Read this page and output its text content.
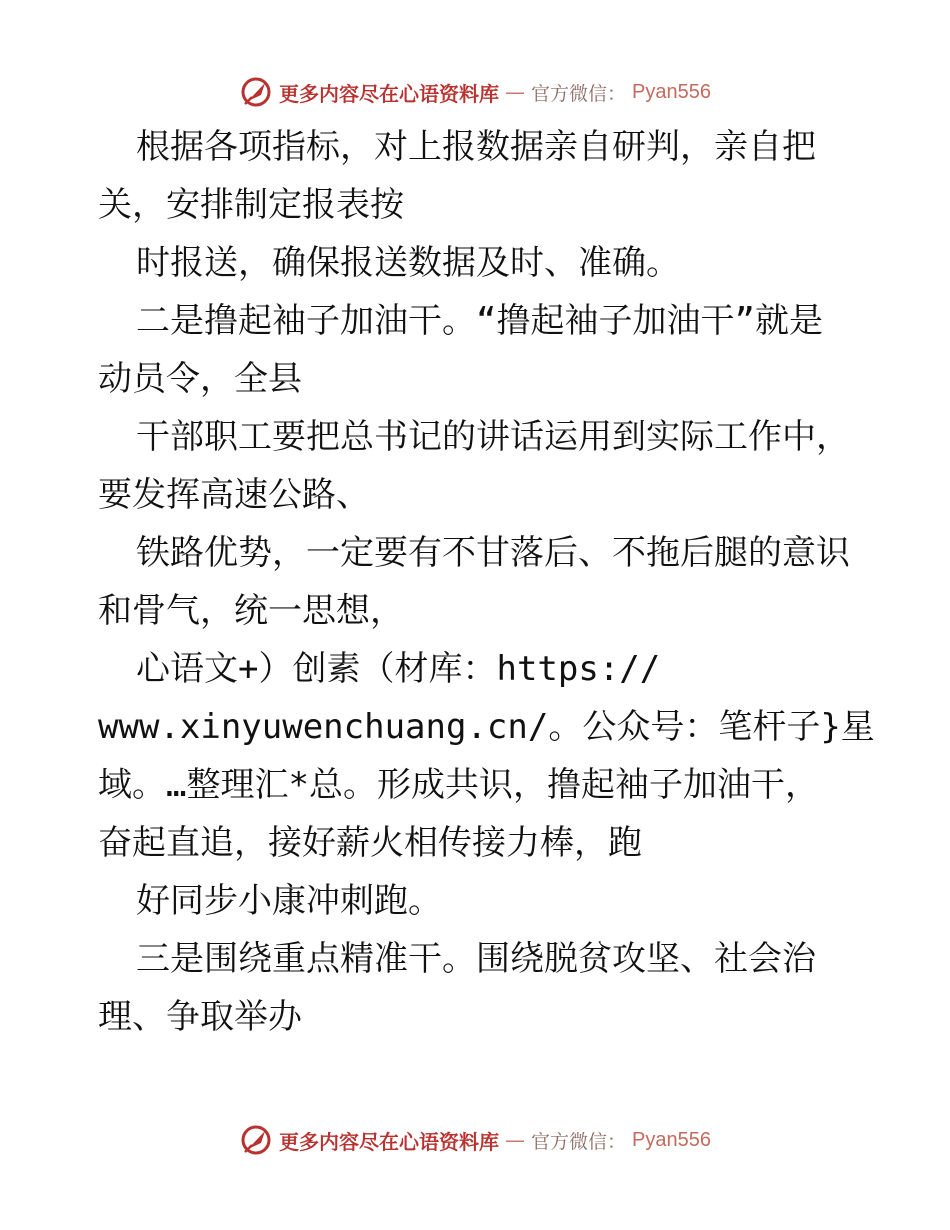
更多内容尽在心语资料库 — 官方微信： Pyan556
根据各项指标，对上报数据亲自研判，亲自把
关，安排制定报表按
时报送，确保报送数据及时、准确。
二是撸起袖子加油干。“撸起袖子加油干”就是
动员令，全县
干部职工要把总书记的讲话运用到实际工作中，
要发挥高速公路、
铁路优势，一定要有不甘落后、不拖后腿的意识
和骨气，统一思想，
心语文+）创素（材库：https://
www.xinyuwenchuang.cn/。公众号：笔杆子}星
域。…整理汇*总。形成共识，撸起袖子加油干，
奋起直追，接好薪火相传接力棒，跑
好同步小康冲刺跑。
三是围绕重点精准干。围绕脱贫攻坚、社会治
理、争取举办
更多内容尽在心语资料库 — 官方微信： Pyan556
